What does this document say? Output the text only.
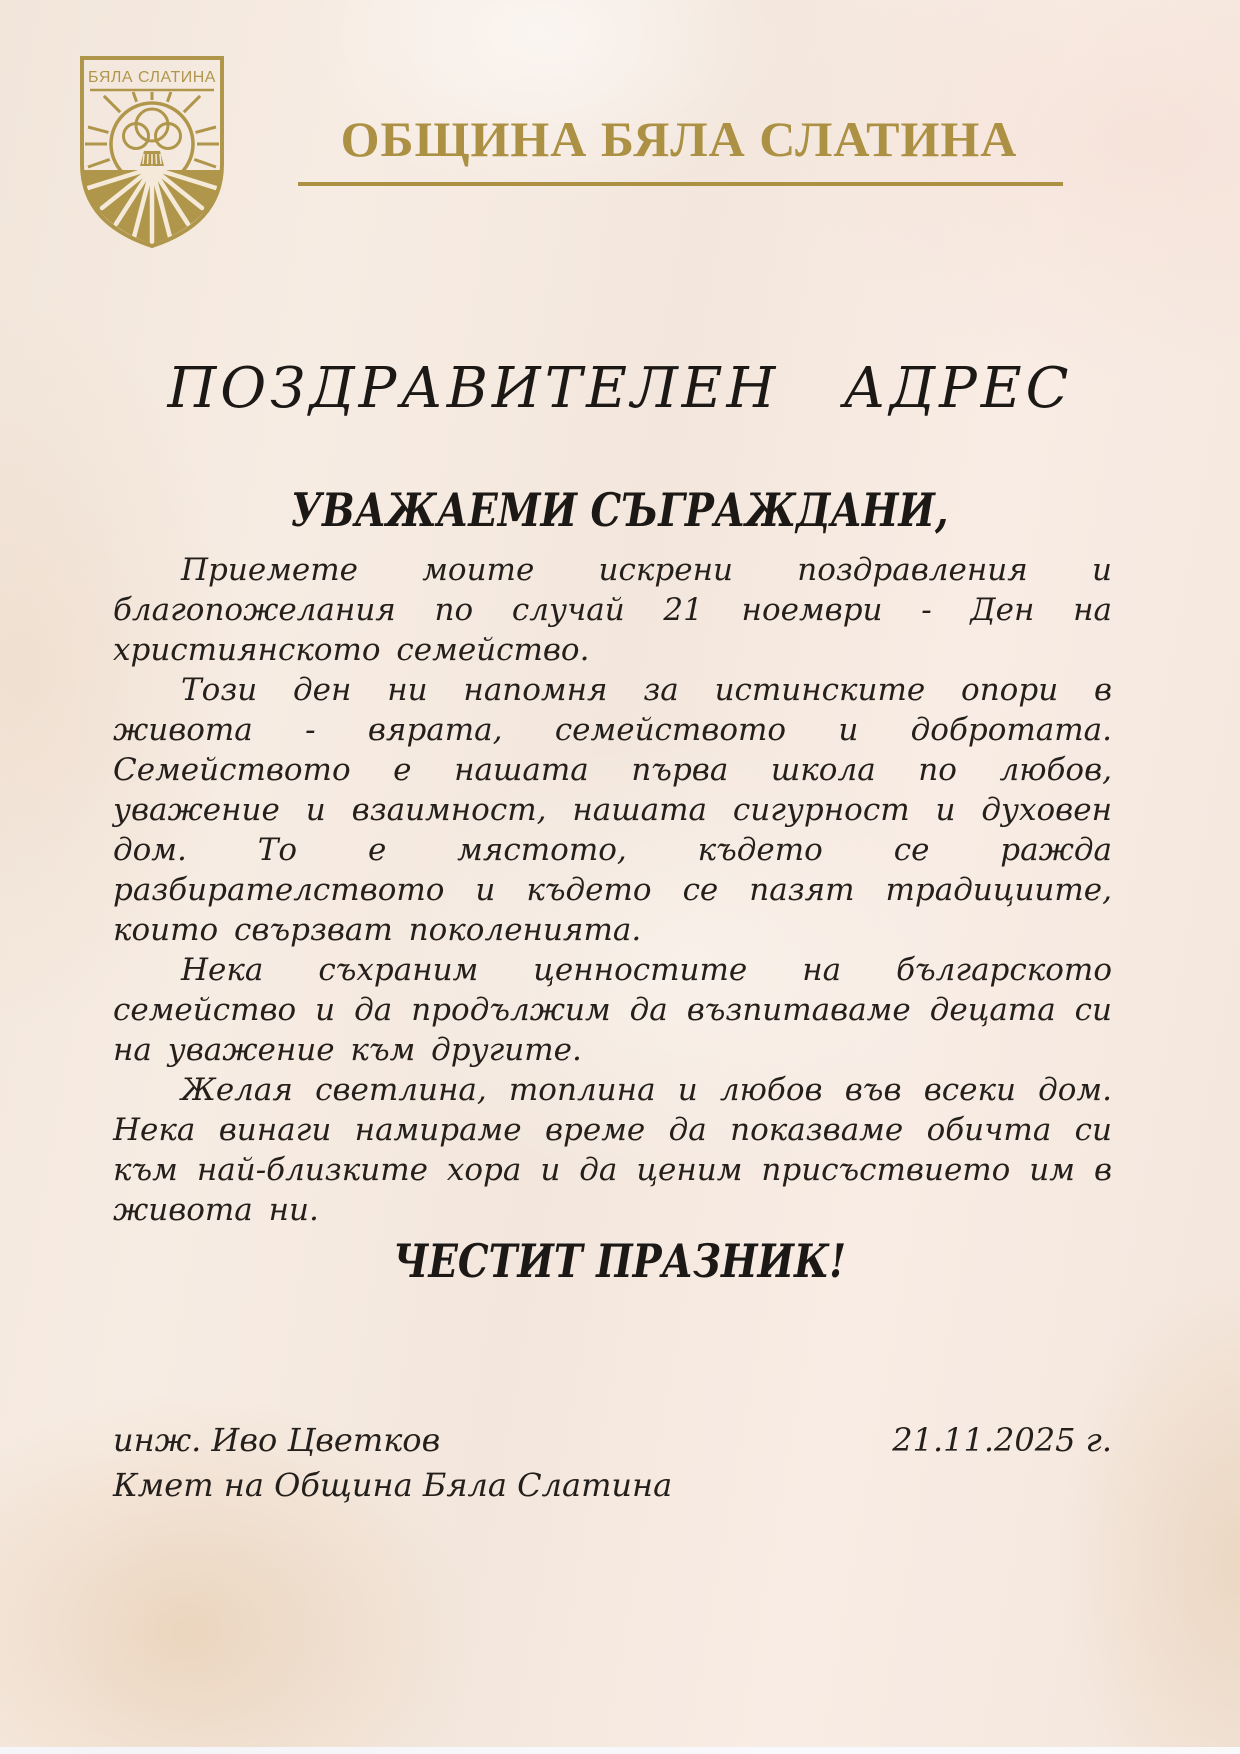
БЯЛА СЛАТИНА
ОБЩИНА БЯЛА СЛАТИНА
ПОЗДРАВИТЕЛЕН АДРЕС
УВАЖАЕМИ СЪГРАЖДАНИ,

Приемете моите искрени поздравления и благопожелания по случай 21 ноември - Ден на християнското семейство.

Този ден ни напомня за истинските опори в живота - вярата, семейството и добротата. Семейството е нашата първа школа по любов, уважение и взаимност, нашата сигурност и духовен дом. То е мястото, където се ражда разбирателството и където се пазят традициите, които свързват поколенията.

Нека съхраним ценностите на българското семейство и да продължим да възпитаваме децата си на уважение към другите.

Желая светлина, топлина и любов във всеки дом. Нека винаги намираме време да показваме обичта си към най-близките хора и да ценим присъствието им в живота ни.

ЧЕСТИТ ПРАЗНИК!
инж. Иво Цветков	21.11.2025 г.
Кмет на Община Бяла Слатина
